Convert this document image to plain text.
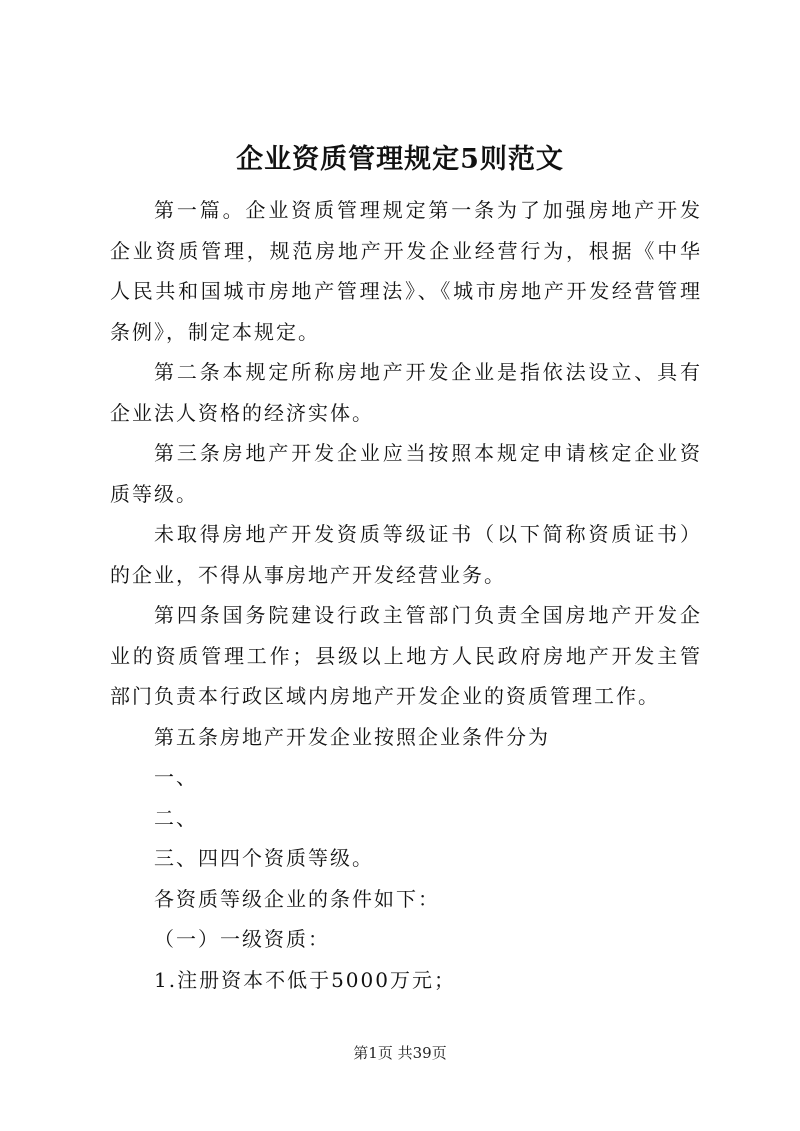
企业资质管理规定5则范文

第一篇。企业资质管理规定第一条为了加强房地产开发企业资质管理，规范房地产开发企业经营行为，根据《中华人民共和国城市房地产管理法》、《城市房地产开发经营管理条例》，制定本规定。

第二条本规定所称房地产开发企业是指依法设立、具有企业法人资格的经济实体。

第三条房地产开发企业应当按照本规定申请核定企业资质等级。

未取得房地产开发资质等级证书（以下简称资质证书）的企业，不得从事房地产开发经营业务。

第四条国务院建设行政主管部门负责全国房地产开发企业的资质管理工作；县级以上地方人民政府房地产开发主管部门负责本行政区域内房地产开发企业的资质管理工作。

第五条房地产开发企业按照企业条件分为

一、

二、

三、四四个资质等级。

各资质等级企业的条件如下：

（一）一级资质：

1.注册资本不低于5000万元；

第1页 共39页
